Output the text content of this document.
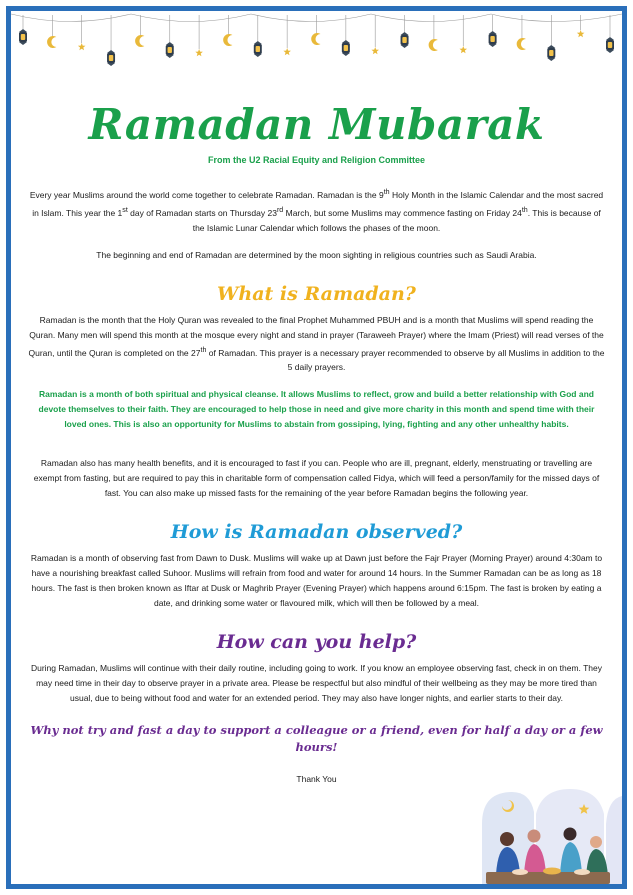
Ramadan Mubarak
From the U2 Racial Equity and Religion Committee

Every year Muslims around the world come together to celebrate Ramadan. Ramadan is the 9th Holy Month in the Islamic Calendar and the most sacred in Islam. This year the 1st day of Ramadan starts on Thursday 23rd March, but some Muslims may commence fasting on Friday 24th. This is because of the Islamic Lunar Calendar which follows the phases of the moon.

The beginning and end of Ramadan are determined by the moon sighting in religious countries such as Saudi Arabia.

What is Ramadan?

Ramadan is the month that the Holy Quran was revealed to the final Prophet Muhammed PBUH and is a month that Muslims will spend reading the Quran. Many men will spend this month at the mosque every night and stand in prayer (Taraweeh Prayer) where the Imam (Priest) will read verses of the Quran, until the Quran is completed on the 27th of Ramadan. This prayer is a necessary prayer recommended to observe by all Muslims in addition to the 5 daily prayers.

Ramadan is a month of both spiritual and physical cleanse. It allows Muslims to reflect, grow and build a better relationship with God and devote themselves to their faith. They are encouraged to help those in need and give more charity in this month and spend time with their loved ones. This is also an opportunity for Muslims to abstain from gossiping, lying, fighting and any other unhealthy habits.

Ramadan also has many health benefits, and it is encouraged to fast if you can. People who are ill, pregnant, elderly, menstruating or travelling are exempt from fasting, but are required to pay this in charitable form of compensation called Fidya, which will feed a person/family for the missed days of fast. You can also make up missed fasts for the remaining of the year before Ramadan begins the following year.

How is Ramadan observed?

Ramadan is a month of observing fast from Dawn to Dusk. Muslims will wake up at Dawn just before the Fajr Prayer (Morning Prayer) around 4:30am to have a nourishing breakfast called Suhoor. Muslims will refrain from food and water for around 14 hours. In the Summer Ramadan can be as long as 18 hours. The fast is then broken known as Iftar at Dusk or Maghrib Prayer (Evening Prayer) which happens around 6:15pm. The fast is broken by eating a date, and drinking some water or flavoured milk, which will then be followed by a meal.

How can you help?

During Ramadan, Muslims will continue with their daily routine, including going to work. If you know an employee observing fast, check in on them. They may need time in their day to observe prayer in a private area. Please be respectful but also mindful of their wellbeing as they may be more tired than usual, due to being without food and water for an extended period. They may also have longer nights, and earlier starts to their day.

Why not try and fast a day to support a colleague or a friend, even for half a day or a few hours!
Thank You
